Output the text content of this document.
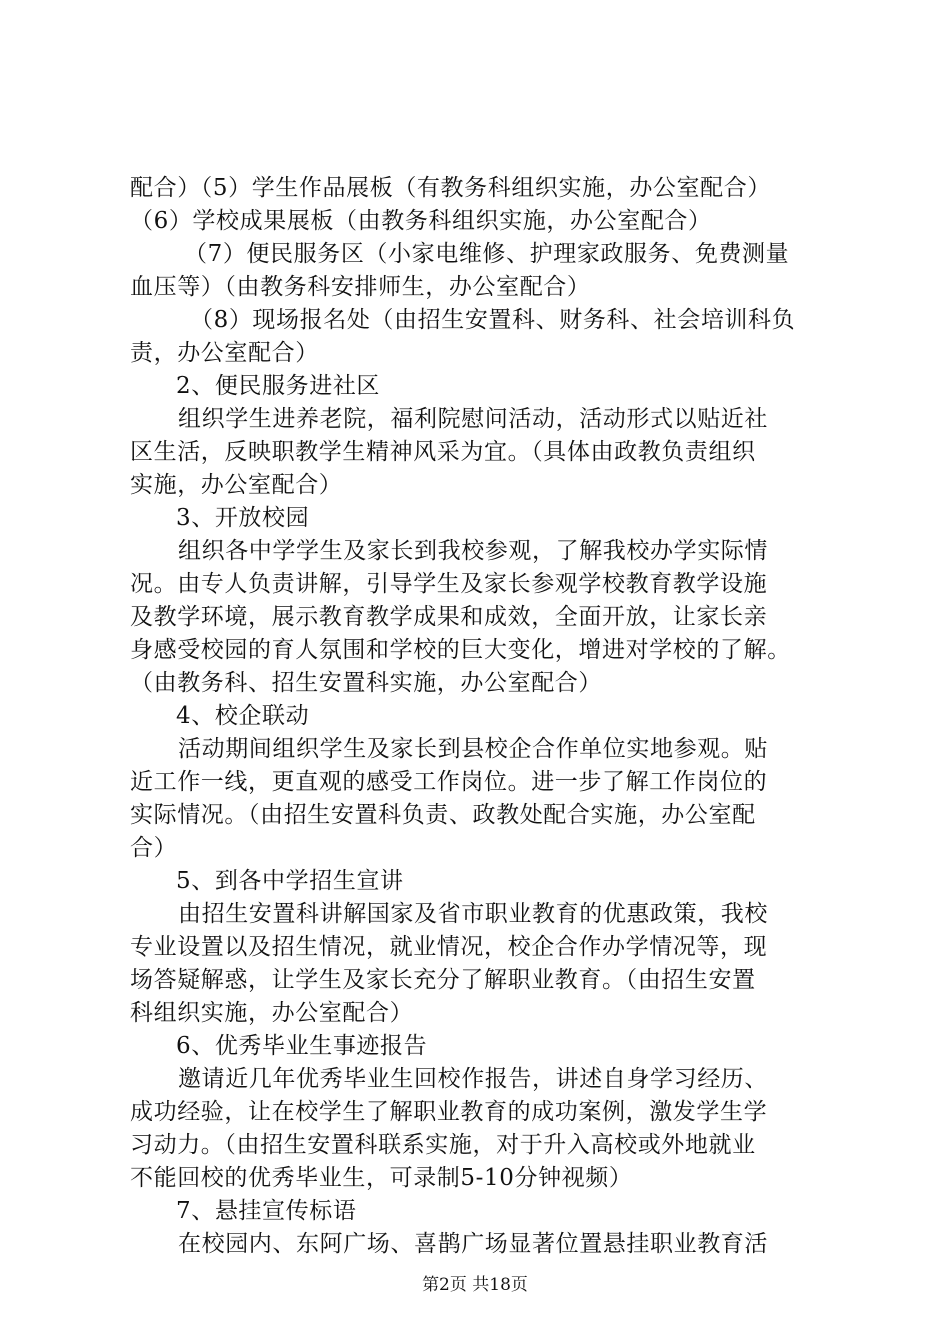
配合）（5）学生作品展板（有教务科组织实施，办公室配合）
（6）学校成果展板（由教务科组织实施，办公室配合）
（7）便民服务区（小家电维修、护理家政服务、免费测量
血压等）（由教务科安排师生，办公室配合）
（8）现场报名处（由招生安置科、财务科、社会培训科负
责，办公室配合）
2、便民服务进社区
组织学生进养老院，福利院慰问活动，活动形式以贴近社
区生活，反映职教学生精神风采为宜。（具体由政教负责组织
实施，办公室配合）
3、开放校园
组织各中学学生及家长到我校参观，了解我校办学实际情
况。由专人负责讲解，引导学生及家长参观学校教育教学设施
及教学环境，展示教育教学成果和成效，全面开放，让家长亲
身感受校园的育人氛围和学校的巨大变化，增进对学校的了解。
（由教务科、招生安置科实施，办公室配合）
4、校企联动
活动期间组织学生及家长到县校企合作单位实地参观。贴
近工作一线，更直观的感受工作岗位。进一步了解工作岗位的
实际情况。（由招生安置科负责、政教处配合实施，办公室配
合）
5、到各中学招生宣讲
由招生安置科讲解国家及省市职业教育的优惠政策，我校
专业设置以及招生情况，就业情况，校企合作办学情况等，现
场答疑解惑，让学生及家长充分了解职业教育。（由招生安置
科组织实施，办公室配合）
6、优秀毕业生事迹报告
邀请近几年优秀毕业生回校作报告，讲述自身学习经历、
成功经验，让在校学生了解职业教育的成功案例，激发学生学
习动力。（由招生安置科联系实施，对于升入高校或外地就业
不能回校的优秀毕业生，可录制5-10分钟视频）
7、悬挂宣传标语
在校园内、东阿广场、喜鹊广场显著位置悬挂职业教育活
第2页 共18页
